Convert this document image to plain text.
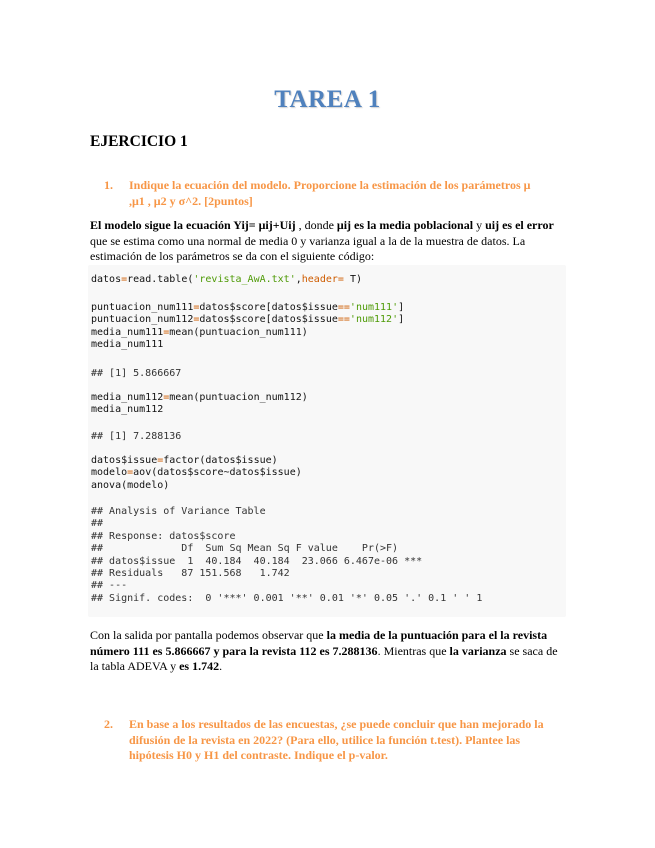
TAREA 1
EJERCICIO 1
1. Indique la ecuación del modelo. Proporcione la estimación de los parámetros μ ,μ1 , μ2 y σ^2. [2puntos]
El modelo sigue la ecuación Yij= μij+Uij , donde μij es la media poblacional y uij es el error que se estima como una normal de media 0 y varianza igual a la de la muestra de datos. La estimación de los parámetros se da con el siguiente código:
datos=read.table('revista_AwA.txt',header= T)
puntuacion_num111=datos$score[datos$issue=='num111']
puntuacion_num112=datos$score[datos$issue=='num112']
media_num111=mean(puntuacion_num111)
media_num111
## [1] 5.866667
media_num112=mean(puntuacion_num112)
media_num112
## [1] 7.288136
datos$issue=factor(datos$issue)
modelo=aov(datos$score~datos$issue)
anova(modelo)
## Analysis of Variance Table
##
## Response: datos$score
##             Df  Sum Sq Mean Sq F value    Pr(>F)
## datos$issue  1  40.184  40.184  23.066 6.467e-06 ***
## Residuals   87 151.568   1.742
## ---
## Signif. codes:  0 '***' 0.001 '**' 0.01 '*' 0.05 '.' 0.1 ' ' 1
Con la salida por pantalla podemos observar que la media de la puntuación para el la revista número 111 es 5.866667 y para la revista 112 es 7.288136. Mientras que la varianza se saca de la tabla ADEVA y es 1.742.
2. En base a los resultados de las encuestas, ¿se puede concluir que han mejorado la difusión de la revista en 2022? (Para ello, utilice la función t.test). Plantee las hipótesis H0 y H1 del contraste. Indique el p-valor.
